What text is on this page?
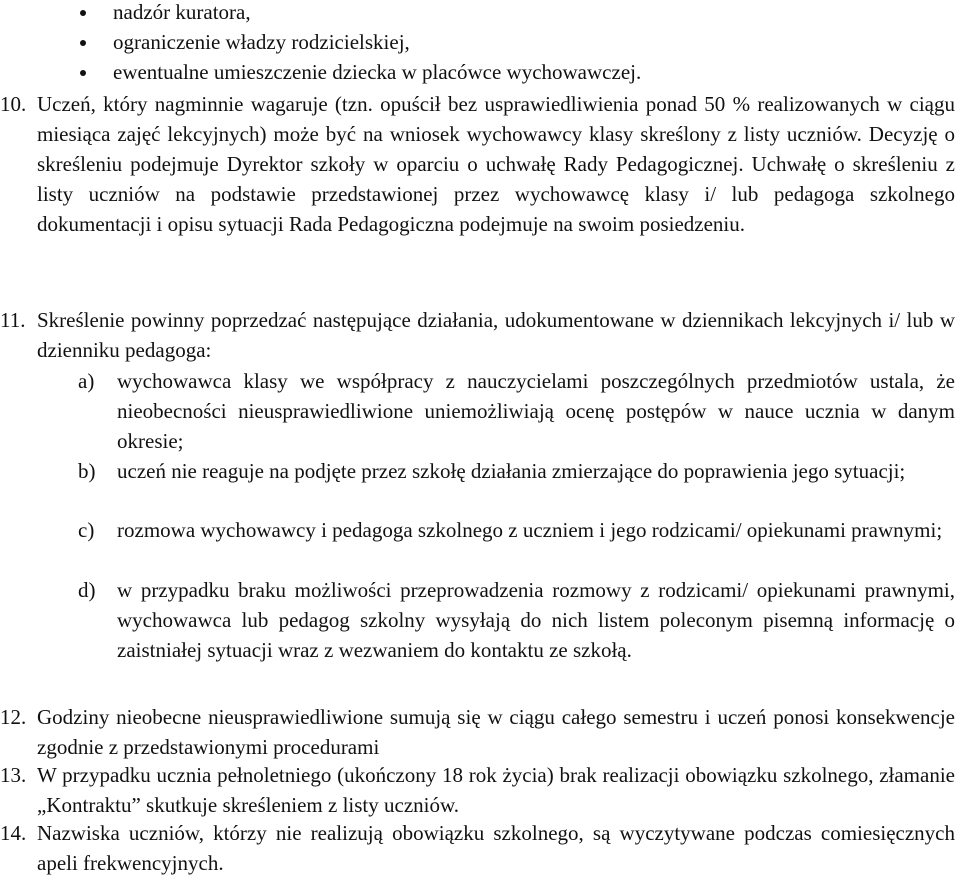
nadzór kuratora,
ograniczenie władzy rodzicielskiej,
ewentualne umieszczenie dziecka w placówce wychowawczej.
10. Uczeń, który nagminnie wagaruje (tzn. opuścił bez usprawiedliwienia ponad 50 % realizowanych w ciągu miesiąca zajęć lekcyjnych) może być na wniosek wychowawcy klasy skreślony z listy uczniów. Decyzję o skreśleniu podejmuje Dyrektor szkoły w oparciu o uchwałę Rady Pedagogicznej. Uchwałę o skreśleniu z listy uczniów na podstawie przedstawionej przez wychowawcę klasy i/ lub pedagoga szkolnego dokumentacji i opisu sytuacji Rada Pedagogiczna podejmuje na swoim posiedzeniu.
11. Skreślenie powinny poprzedzać następujące działania, udokumentowane w dziennikach lekcyjnych i/ lub w dzienniku pedagoga:
a) wychowawca klasy we współpracy z nauczycielami poszczególnych przedmiotów ustala, że nieobecności nieusprawiedliwione uniemożliwiają ocenę postępów w nauce ucznia w danym okresie;
b) uczeń nie reaguje na podjęte przez szkołę działania zmierzające do poprawienia jego sytuacji;
c) rozmowa wychowawcy i pedagoga szkolnego z uczniem i jego rodzicami/ opiekunami prawnymi;
d) w przypadku braku możliwości przeprowadzenia rozmowy z rodzicami/ opiekunami prawnymi, wychowawca lub pedagog szkolny wysyłają do nich listem poleconym pisemną informację o zaistniałej sytuacji wraz z wezwaniem do kontaktu ze szkołą.
12. Godziny nieobecne nieusprawiedliwione sumują się w ciągu całego semestru i uczeń ponosi konsekwencje zgodnie z przedstawionymi procedurami
13. W przypadku ucznia pełnoletniego (ukończony 18 rok życia) brak realizacji obowiązku szkolnego, złamanie „Kontraktu” skutkuje skreśleniem z listy uczniów.
14. Nazwiska uczniów, którzy nie realizują obowiązku szkolnego, są wyczytywane podczas comiesięcznych apeli frekwencyjnych.
